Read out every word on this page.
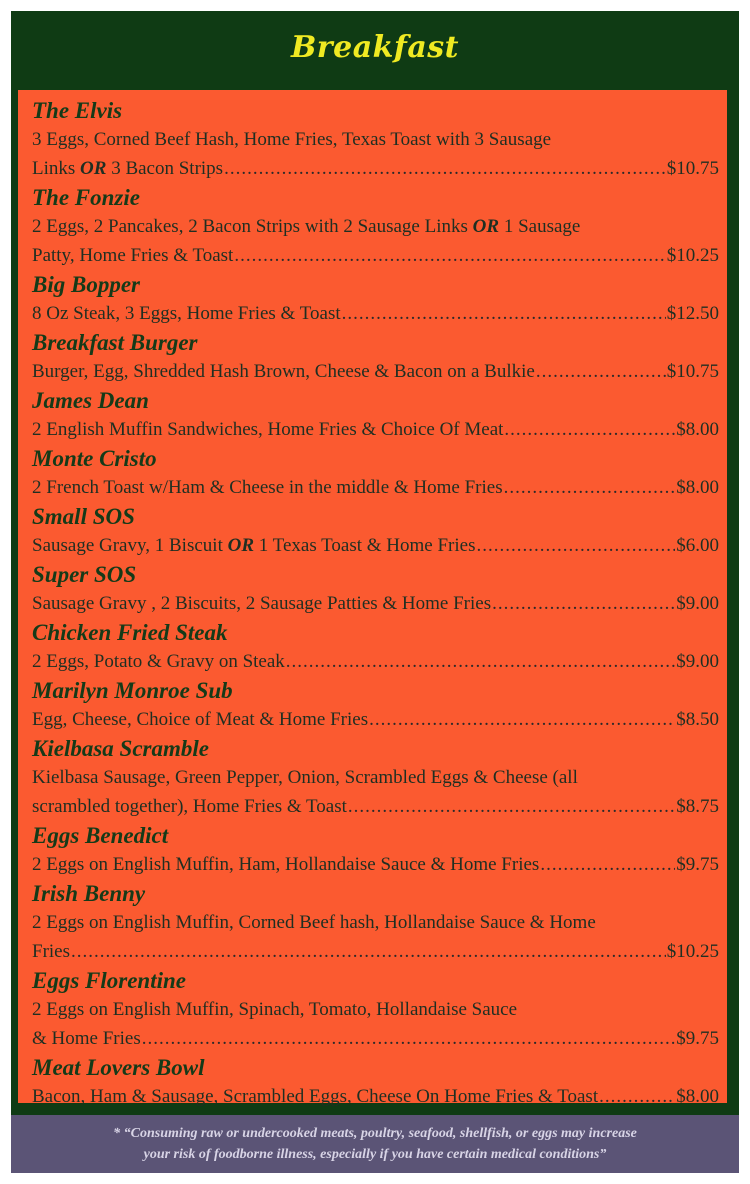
Breakfast
The Elvis
3 Eggs, Corned Beef Hash, Home Fries, Texas Toast with 3 Sausage
Links OR 3 Bacon Strips .....	$10.75
The Fonzie
2 Eggs, 2 Pancakes, 2 Bacon Strips with 2 Sausage Links OR 1 Sausage
Patty, Home Fries & Toast .....	$10.25
Big Bopper
8 Oz Steak, 3 Eggs, Home Fries & Toast .....	$12.50
Breakfast Burger
Burger, Egg, Shredded Hash Brown, Cheese & Bacon on a Bulkie .....	$10.75
James Dean
2 English Muffin Sandwiches, Home Fries & Choice Of Meat .....	$8.00
Monte Cristo
2 French Toast w/Ham & Cheese in the middle & Home Fries .....	$8.00
Small SOS
Sausage Gravy, 1 Biscuit OR 1 Texas Toast & Home Fries .....	$6.00
Super SOS
Sausage Gravy , 2 Biscuits, 2 Sausage Patties & Home Fries .....	$9.00
Chicken Fried Steak
2 Eggs, Potato & Gravy on Steak .....	$9.00
Marilyn Monroe Sub
Egg, Cheese, Choice of Meat & Home Fries .....	$8.50
Kielbasa Scramble
Kielbasa Sausage, Green Pepper, Onion, Scrambled Eggs & Cheese (all
scrambled together), Home Fries & Toast .....	$8.75
Eggs Benedict
2 Eggs on English Muffin, Ham, Hollandaise Sauce & Home Fries .....	$9.75
Irish Benny
2 Eggs on English Muffin, Corned Beef hash, Hollandaise Sauce & Home
Fries .....	$10.25
Eggs Florentine
2 Eggs on English Muffin, Spinach, Tomato, Hollandaise Sauce
& Home Fries .....	$9.75
Meat Lovers Bowl
Bacon, Ham & Sausage, Scrambled Eggs, Cheese On Home Fries & Toast .....	$8.00
* “Consuming raw or undercooked meats, poultry, seafood, shellfish, or eggs may increase
your risk of foodborne illness, especially if you have certain medical conditions”
